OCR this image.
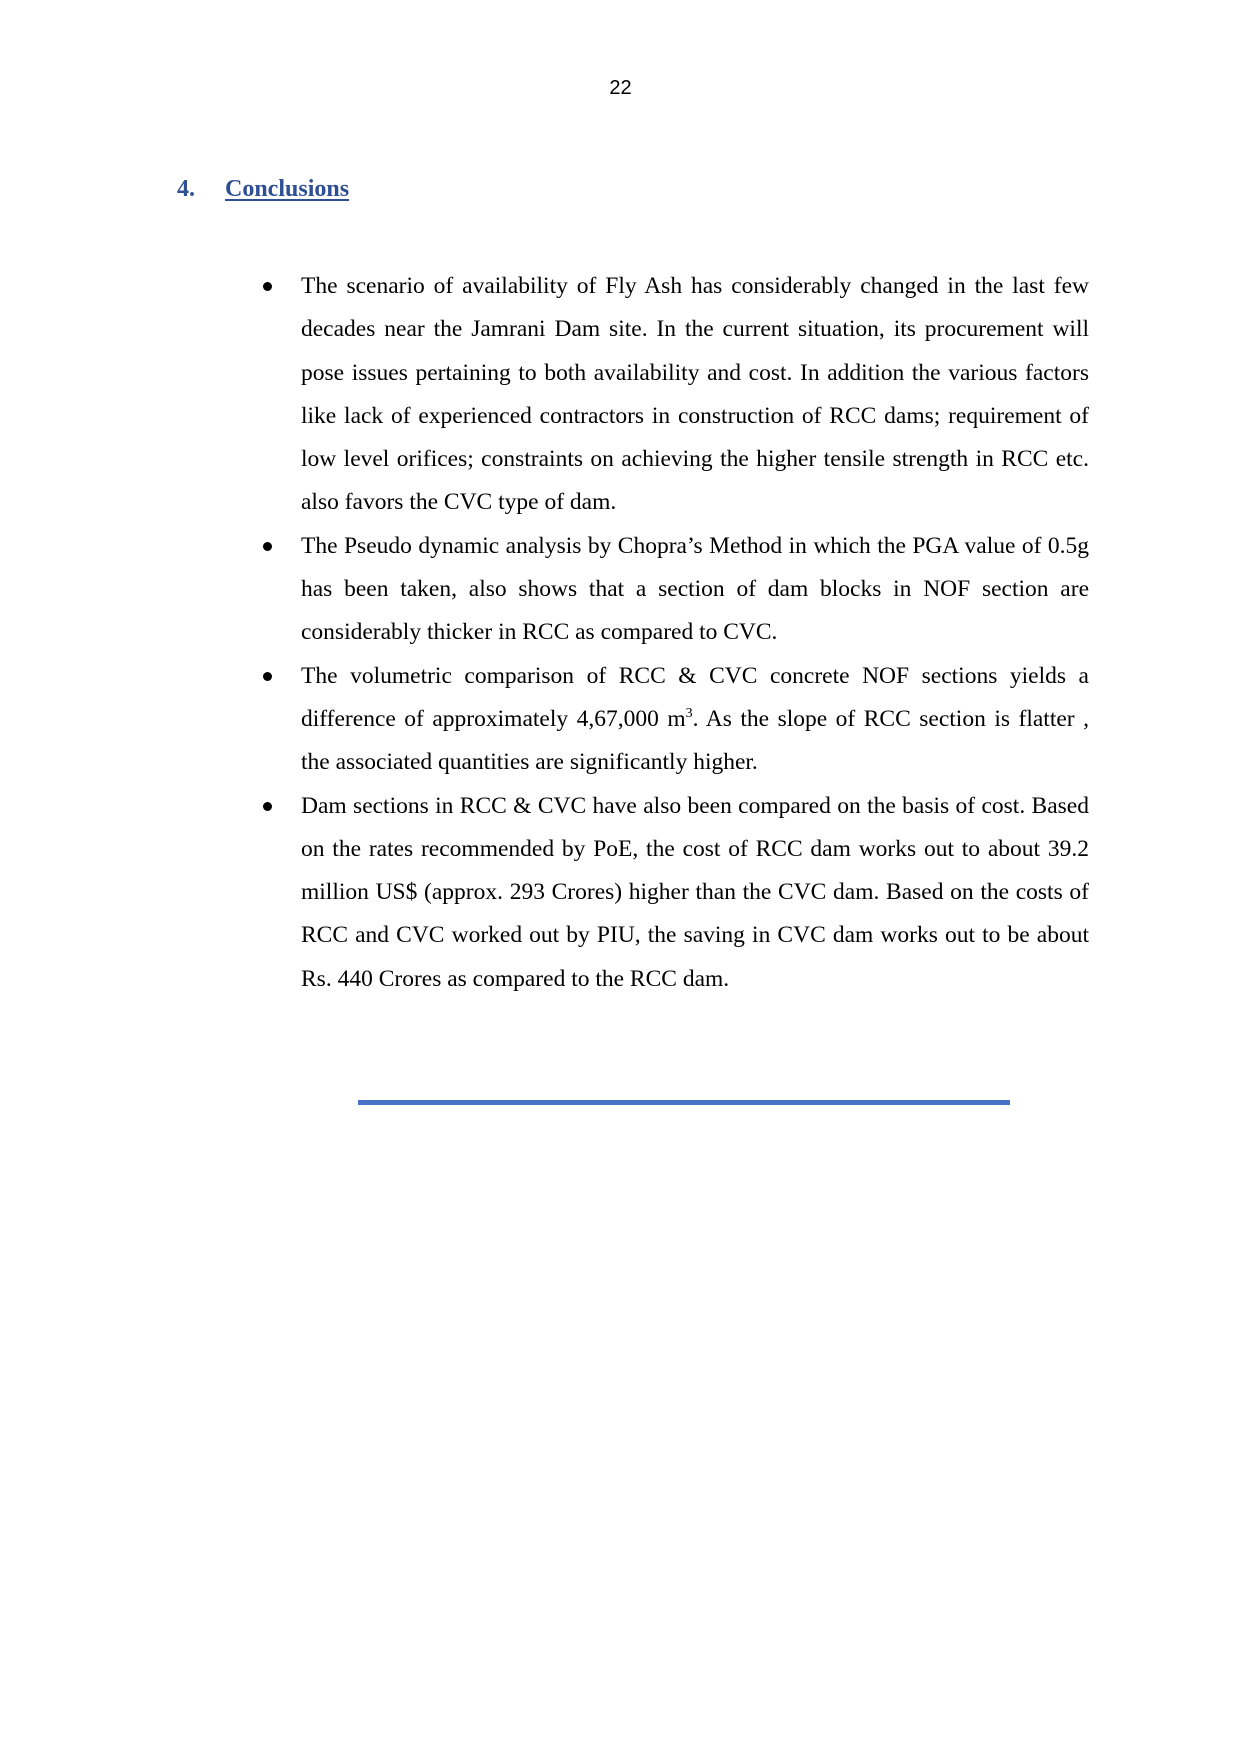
22
4. Conclusions
The scenario of availability of Fly Ash has considerably changed in the last few decades near the Jamrani Dam site. In the current situation, its procurement will pose issues pertaining to both availability and cost. In addition the various factors like lack of experienced contractors in construction of RCC dams; requirement of low level orifices; constraints on achieving the higher tensile strength in RCC etc. also favors the CVC type of dam.
The Pseudo dynamic analysis by Chopra’s Method in which the PGA value of 0.5g has been taken, also shows that a section of dam blocks in NOF section are considerably thicker in RCC as compared to CVC.
The volumetric comparison of RCC & CVC concrete NOF sections yields a difference of approximately 4,67,000 $m^3$. As the slope of RCC section is flatter , the associated quantities are significantly higher.
Dam sections in RCC & CVC have also been compared on the basis of cost. Based on the rates recommended by PoE, the cost of RCC dam works out to about 39.2 million US$ (approx. 293 Crores) higher than the CVC dam. Based on the costs of RCC and CVC worked out by PIU, the saving in CVC dam works out to be about Rs. 440 Crores as compared to the RCC dam.
